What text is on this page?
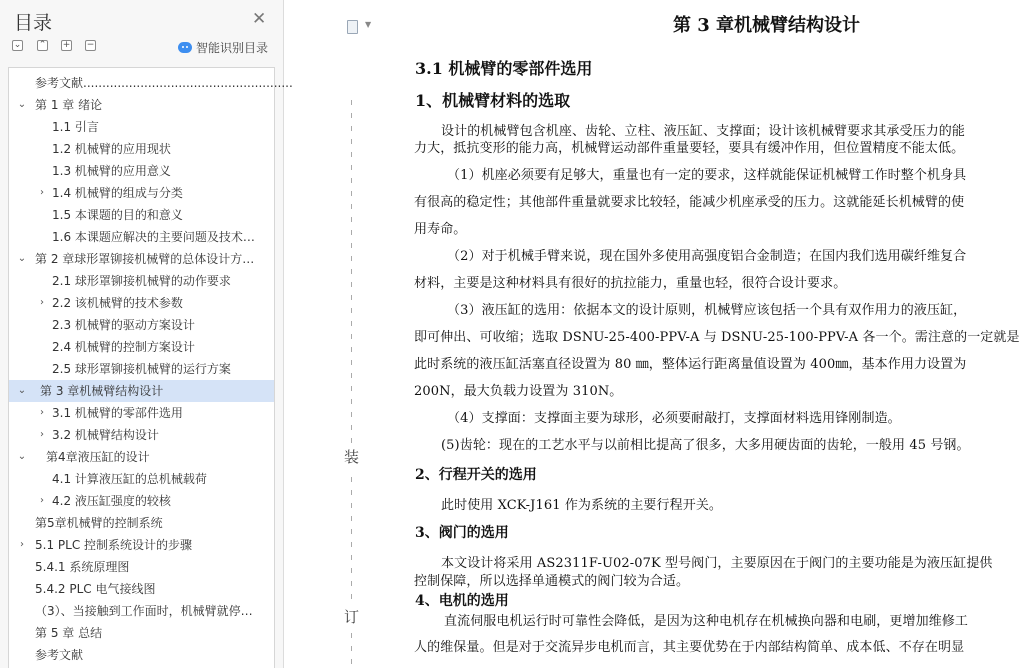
目录	✕
⌄ ⌃ + −	智能识别目录
参考文献.......................................................
⌄ 第 1 章 绪论
1.1 引言
1.2 机械臂的应用现状
1.3 机械臂的应用意义
› 1.4 机械臂的组成与分类
1.5 本课题的目的和意义
1.6 本课题应解决的主要问题及技术…
⌄ 第 2 章球形罩铆接机械臂的总体设计方…
2.1 球形罩铆接机械臂的动作要求
› 2.2 该机械臂的技术参数
2.3 机械臂的驱动方案设计
2.4 机械臂的控制方案设计
2.5 球形罩铆接机械臂的运行方案
⌄ 第 3 章机械臂结构设计
› 3.1 机械臂的零部件选用
› 3.2 机械臂结构设计
⌄ 第4章液压缸的设计
4.1 计算液压缸的总机械载荷
› 4.2 液压缸强度的较核
第5章机械臂的控制系统
› 5.1 PLC 控制系统设计的步骤
5.4.1 系统原理图
5.4.2 PLC 电气接线图
（3）、当接触到工作面时，机械臂就停…
第 5 章 总结
参考文献
▼
装
订
第 3 章机械臂结构设计
3.1 机械臂的零部件选用
1、机械臂材料的选取
设计的机械臂包含机座、齿轮、立柱、液压缸、支撑面；设计该机械臂要求其承受压力的能
力大，抵抗变形的能力高，机械臂运动部件重量要轻，要具有缓冲作用，但位置精度不能太低。
（1）机座必须要有足够大，重量也有一定的要求，这样就能保证机械臂工作时整个机身具
有很高的稳定性；其他部件重量就要求比较轻，能减少机座承受的压力。这就能延长机械臂的使
用寿命。
（2）对于机械手臂来说，现在国外多使用高强度铝合金制造；在国内我们选用碳纤维复合
材料，主要是这种材料具有很好的抗拉能力，重量也轻，很符合设计要求。
（3）液压缸的选用：依据本文的设计原则，机械臂应该包括一个具有双作用力的液压缸，
即可伸出、可收缩；选取 DSNU-25-400-PPV-A 与 DSNU-25-100-PPV-A 各一个。需注意的一定就是
此时系统的液压缸活塞直径设置为 80 ㎜，整体运行距离量值设置为 400㎜，基本作用力设置为
200N，最大负载力设置为 310N。
（4）支撑面：支撑面主要为球形，必须要耐敲打，支撑面材料选用锋刚制造。
(5)齿轮：现在的工艺水平与以前相比提高了很多，大多用硬齿面的齿轮，一般用 45 号钢。
2、行程开关的选用
此时使用 XCK-J161 作为系统的主要行程开关。
3、阀门的选用
本文设计将采用 AS2311F-U02-07K 型号阀门，主要原因在于阀门的主要功能是为液压缸提供
控制保障，所以选择单通模式的阀门较为合适。
4、电机的选用
直流伺服电机运行时可靠性会降低，是因为这种电机存在机械换向器和电刷，更增加维修工
人的维保量。但是对于交流异步电机而言，其主要优势在于内部结构简单、成本低、不存在明显
